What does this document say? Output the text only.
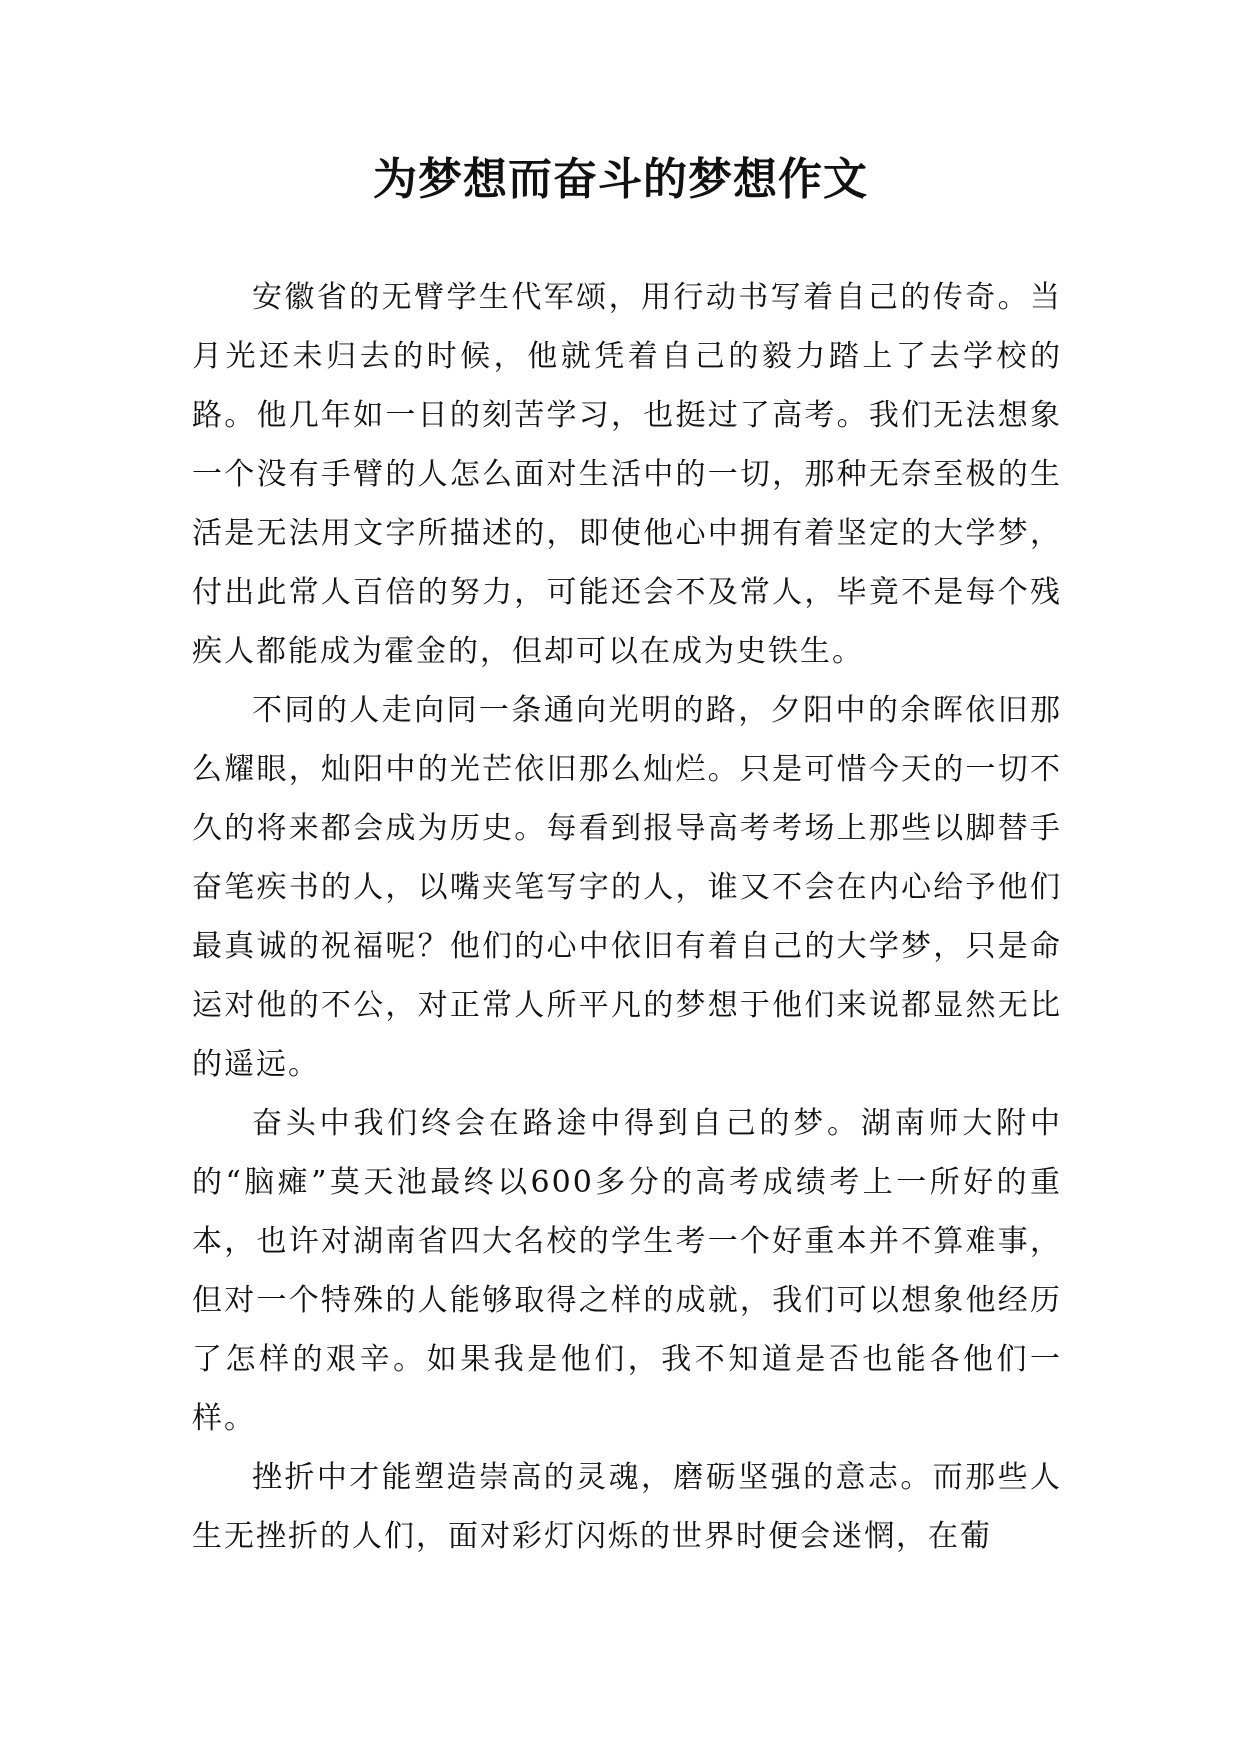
为梦想而奋斗的梦想作文

安徽省的无臂学生代军颂，用行动书写着自己的传奇。当月光还未归去的时候，他就凭着自己的毅力踏上了去学校的路。他几年如一日的刻苦学习，也挺过了高考。我们无法想象一个没有手臂的人怎么面对生活中的一切，那种无奈至极的生活是无法用文字所描述的，即使他心中拥有着坚定的大学梦，付出此常人百倍的努力，可能还会不及常人，毕竟不是每个残疾人都能成为霍金的，但却可以在成为史铁生。

不同的人走向同一条通向光明的路，夕阳中的余晖依旧那么耀眼，灿阳中的光芒依旧那么灿烂。只是可惜今天的一切不久的将来都会成为历史。每看到报导高考考场上那些以脚替手奋笔疾书的人，以嘴夹笔写字的人，谁又不会在内心给予他们最真诚的祝福呢？他们的心中依旧有着自己的大学梦，只是命运对他的不公，对正常人所平凡的梦想于他们来说都显然无比的遥远。

奋头中我们终会在路途中得到自己的梦。湖南师大附中的“脑瘫”莫天池最终以600多分的高考成绩考上一所好的重本，也许对湖南省四大名校的学生考一个好重本并不算难事，但对一个特殊的人能够取得之样的成就，我们可以想象他经历了怎样的艰辛。如果我是他们，我不知道是否也能各他们一样。

挫折中才能塑造崇高的灵魂，磨砺坚强的意志。而那些人生无挫折的人们，面对彩灯闪烁的世界时便会迷惘，在葡
